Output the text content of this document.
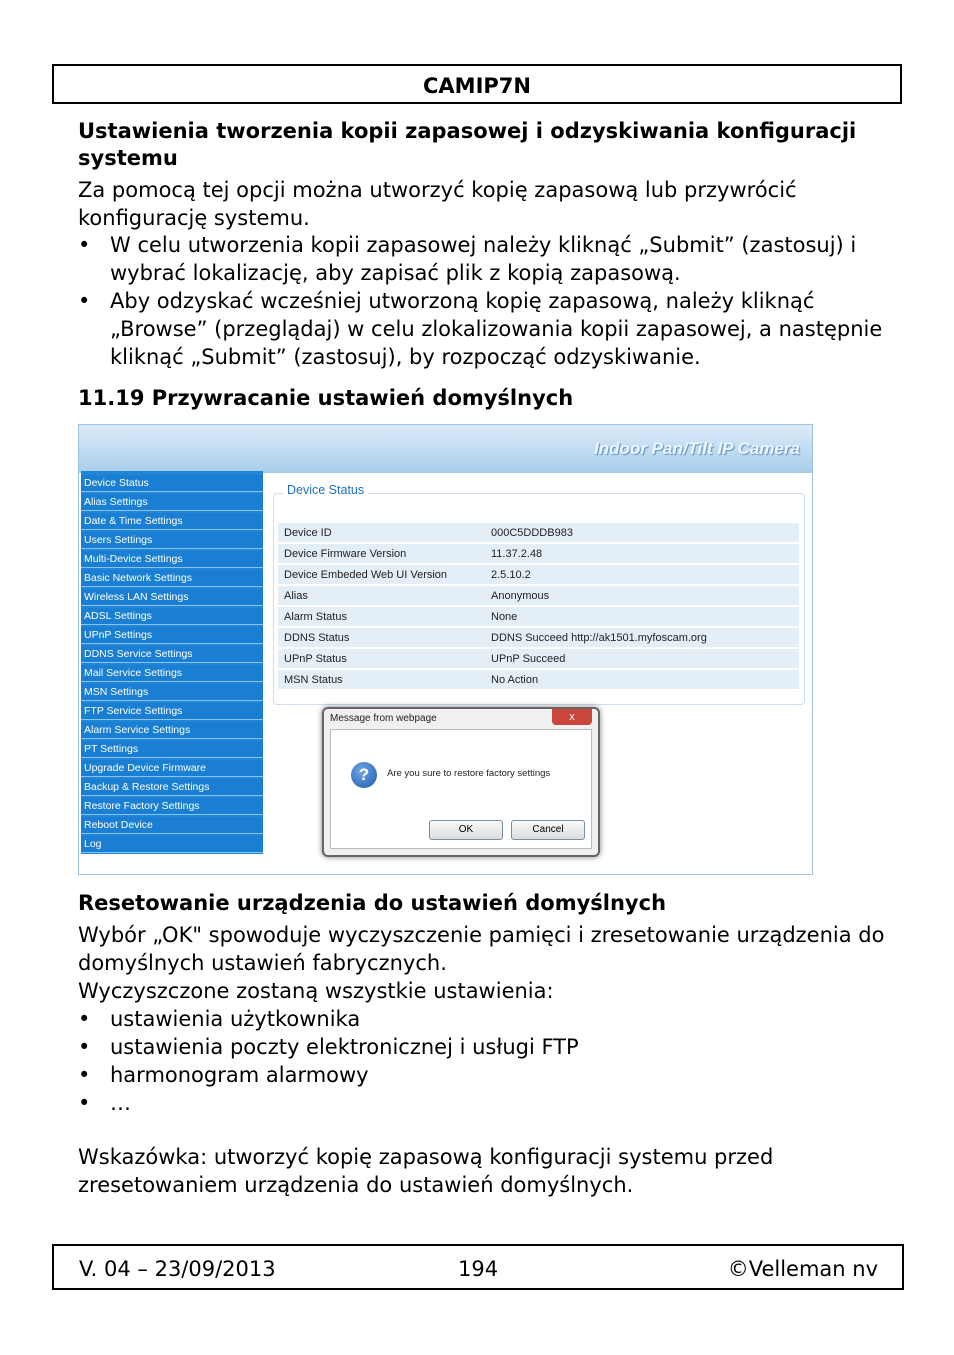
CAMIP7N
Ustawienia tworzenia kopii zapasowej i odzyskiwania konfiguracji systemu
Za pomocą tej opcji można utworzyć kopię zapasową lub przywrócić konfigurację systemu.
• W celu utworzenia kopii zapasowej należy kliknąć „Submit” (zastosuj) i wybrać lokalizację, aby zapisać plik z kopią zapasową.
• Aby odzyskać wcześniej utworzoną kopię zapasową, należy kliknąć „Browse” (przeglądaj) w celu zlokalizowania kopii zapasowej, a następnie kliknąć „Submit” (zastosuj), by rozpocząć odzyskiwanie.
11.19 Przywracanie ustawień domyślnych
Indoor Pan/Tilt IP Camera
Device Status
Alias Settings
Date & Time Settings
Users Settings
Multi-Device Settings
Basic Network Settings
Wireless LAN Settings
ADSL Settings
UPnP Settings
DDNS Service Settings
Mail Service Settings
MSN Settings
FTP Service Settings
Alarm Service Settings
PT Settings
Upgrade Device Firmware
Backup & Restore Settings
Restore Factory Settings
Reboot Device
Log
Back
Device Status
Device ID	000C5DDDB983
Device Firmware Version	11.37.2.48
Device Embeded Web UI Version	2.5.10.2
Alias	Anonymous
Alarm Status	None
DDNS Status	DDNS Succeed http://ak1501.myfoscam.org
UPnP Status	UPnP Succeed
MSN Status	No Action
Message from webpage	x
?	Are you sure to restore factory settings
OK	Cancel
Resetowanie urządzenia do ustawień domyślnych
Wybór „OK" spowoduje wyczyszczenie pamięci i zresetowanie urządzenia do domyślnych ustawień fabrycznych.
Wyczyszczone zostaną wszystkie ustawienia:
• ustawienia użytkownika
• ustawienia poczty elektronicznej i usługi FTP
• harmonogram alarmowy
• …
Wskazówka: utworzyć kopię zapasową konfiguracji systemu przed zresetowaniem urządzenia do ustawień domyślnych.
V. 04 – 23/09/2013	194	©Velleman nv
